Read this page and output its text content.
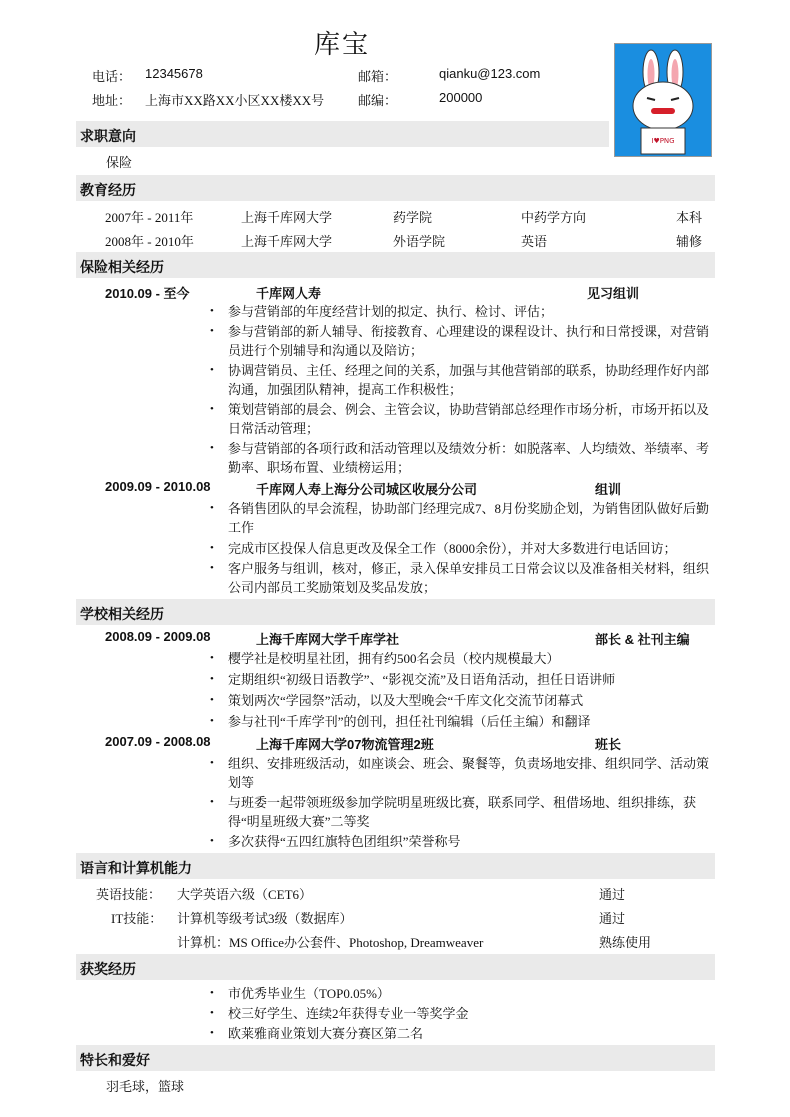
库宝
电话： 12345678	邮箱：	qianku@123.com
地址： 上海市XX路XX小区XX楼XX号	邮编：	200000
I♥PNG
求职意向
保险
教育经历
2007年 - 2011年	上海千库网大学	药学院	中药学方向	本科
2008年 - 2010年	上海千库网大学	外语学院	英语	辅修
保险相关经历
2010.09 - 至今	千库网人寿	见习组训
•	参与营销部的年度经营计划的拟定、执行、检讨、评估；
•	参与营销部的新人辅导、衔接教育、心理建设的课程设计、执行和日常授课，对营销员进行个别辅导和沟通以及陪访；
•	协调营销员、主任、经理之间的关系，加强与其他营销部的联系，协助经理作好内部沟通，加强团队精神，提高工作积极性；
•	策划营销部的晨会、例会、主管会议，协助营销部总经理作市场分析，市场开拓以及日常活动管理；
•	参与营销部的各项行政和活动管理以及绩效分析：如脱落率、人均绩效、举绩率、考勤率、职场布置、业绩榜运用；
2009.09 - 2010.08	千库网人寿上海分公司城区收展分公司	组训
•	各销售团队的早会流程，协助部门经理完成7、8月份奖励企划，为销售团队做好后勤工作
•	完成市区投保人信息更改及保全工作（8000余份），并对大多数进行电话回访；
•	客户服务与组训，核对，修正，录入保单安排员工日常会议以及准备相关材料，组织公司内部员工奖励策划及奖品发放；
学校相关经历
2008.09 - 2009.08	上海千库网大学千库学社	部长 & 社刊主编
•	樱学社是校明星社团，拥有约500名会员（校内规模最大）
•	定期组织“初级日语教学”、“影视交流”及日语角活动，担任日语讲师
•	策划两次“学园祭”活动，以及大型晚会“千库文化交流节闭幕式
•	参与社刊“千库学刊”的创刊，担任社刊编辑（后任主编）和翻译
2007.09 - 2008.08	上海千库网大学07物流管理2班	班长
•	组织、安排班级活动，如座谈会、班会、聚餐等，负责场地安排、组织同学、活动策划等
•	与班委一起带领班级参加学院明星班级比赛，联系同学、租借场地、组织排练，获得“明星班级大赛”二等奖
•	多次获得“五四红旗特色团组织”荣誉称号
语言和计算机能力
英语技能： 大学英语六级（CET6）	通过
IT技能： 计算机等级考试3级（数据库）	通过
计算机：MS Office办公套件、Photoshop, Dreamweaver	熟练使用
获奖经历
•	市优秀毕业生（TOP0.05%）
•	校三好学生、连续2年获得专业一等奖学金
•	欧莱雅商业策划大赛分赛区第二名
特长和爱好
羽毛球，篮球
